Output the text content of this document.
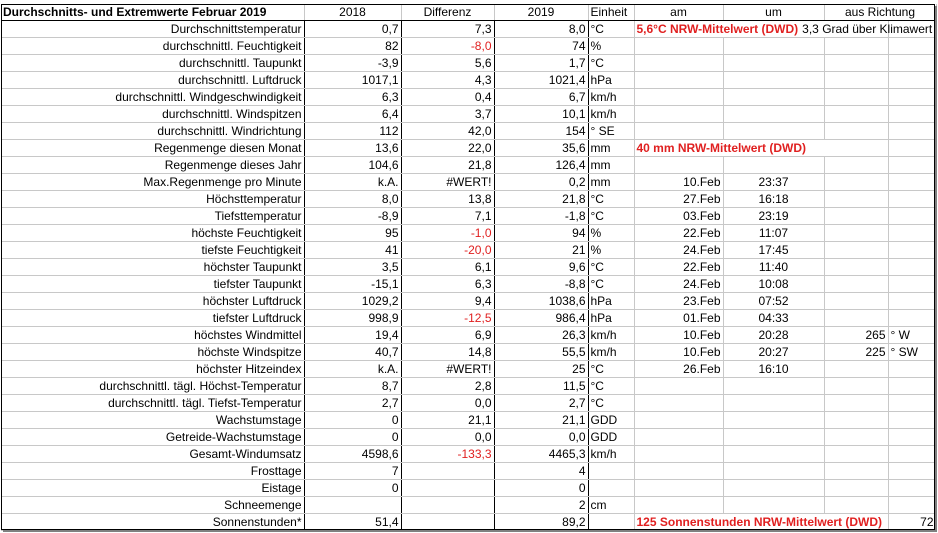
Durchschnitts- und Extremwerte Februar 2019	2018	Differenz	2019	Einheit	am	um	aus Richtung	
Durchschnittstemperatur	0,7	7,3	8,0	°C	5,6°C NRW-Mittelwert (DWD) 3,3 Grad über Klimawert			
durchschnittl. Feuchtigkeit	82	-8,0	74	%				
durchschnittl. Taupunkt	-3,9	5,6	1,7	°C				
durchschnittl. Luftdruck	1017,1	4,3	1021,4	hPa				
durchschnittl. Windgeschwindigkeit	6,3	0,4	6,7	km/h				
durchschnittl. Windspitzen	6,4	3,7	10,1	km/h				
durchschnittl. Windrichtung	112	42,0	154	° SE				
Regenmenge diesen Monat	13,6	22,0	35,6	mm	40 mm NRW-Mittelwert (DWD)			
Regenmenge dieses Jahr	104,6	21,8	126,4	mm				
Max.Regenmenge pro Minute	k.A.	#WERT!	0,2	mm	10.Feb	23:37		
Höchsttemperatur	8,0	13,8	21,8	°C	27.Feb	16:18		
Tiefsttemperatur	-8,9	7,1	-1,8	°C	03.Feb	23:19		
höchste Feuchtigkeit	95	-1,0	94	%	22.Feb	11:07		
tiefste Feuchtigkeit	41	-20,0	21	%	24.Feb	17:45		
höchster Taupunkt	3,5	6,1	9,6	°C	22.Feb	11:40		
tiefster Taupunkt	-15,1	6,3	-8,8	°C	24.Feb	10:08		
höchster Luftdruck	1029,2	9,4	1038,6	hPa	23.Feb	07:52		
tiefster Luftdruck	998,9	-12,5	986,4	hPa	01.Feb	04:33		
höchstes Windmittel	19,4	6,9	26,3	km/h	10.Feb	20:28	265	° W
höchste Windspitze	40,7	14,8	55,5	km/h	10.Feb	20:27	225	° SW
höchster Hitzeindex	k.A.	#WERT!	25	°C	26.Feb	16:10		
durchschnittl. tägl. Höchst-Temperatur	8,7	2,8	11,5	°C				
durchschnittl. tägl. Tiefst-Temperatur	2,7	0,0	2,7	°C				
Wachstumstage	0	21,1	21,1	GDD				
Getreide-Wachstumstage	0	0,0	0,0	GDD				
Gesamt-Windumsatz	4598,6	-133,3	4465,3	km/h				
Frosttage	7		4					
Eistage	0		0					
Schneemenge			2	cm				
Sonnenstunden*	51,4		89,2		125 Sonnenstunden NRW-Mittelwert (DWD)			72
